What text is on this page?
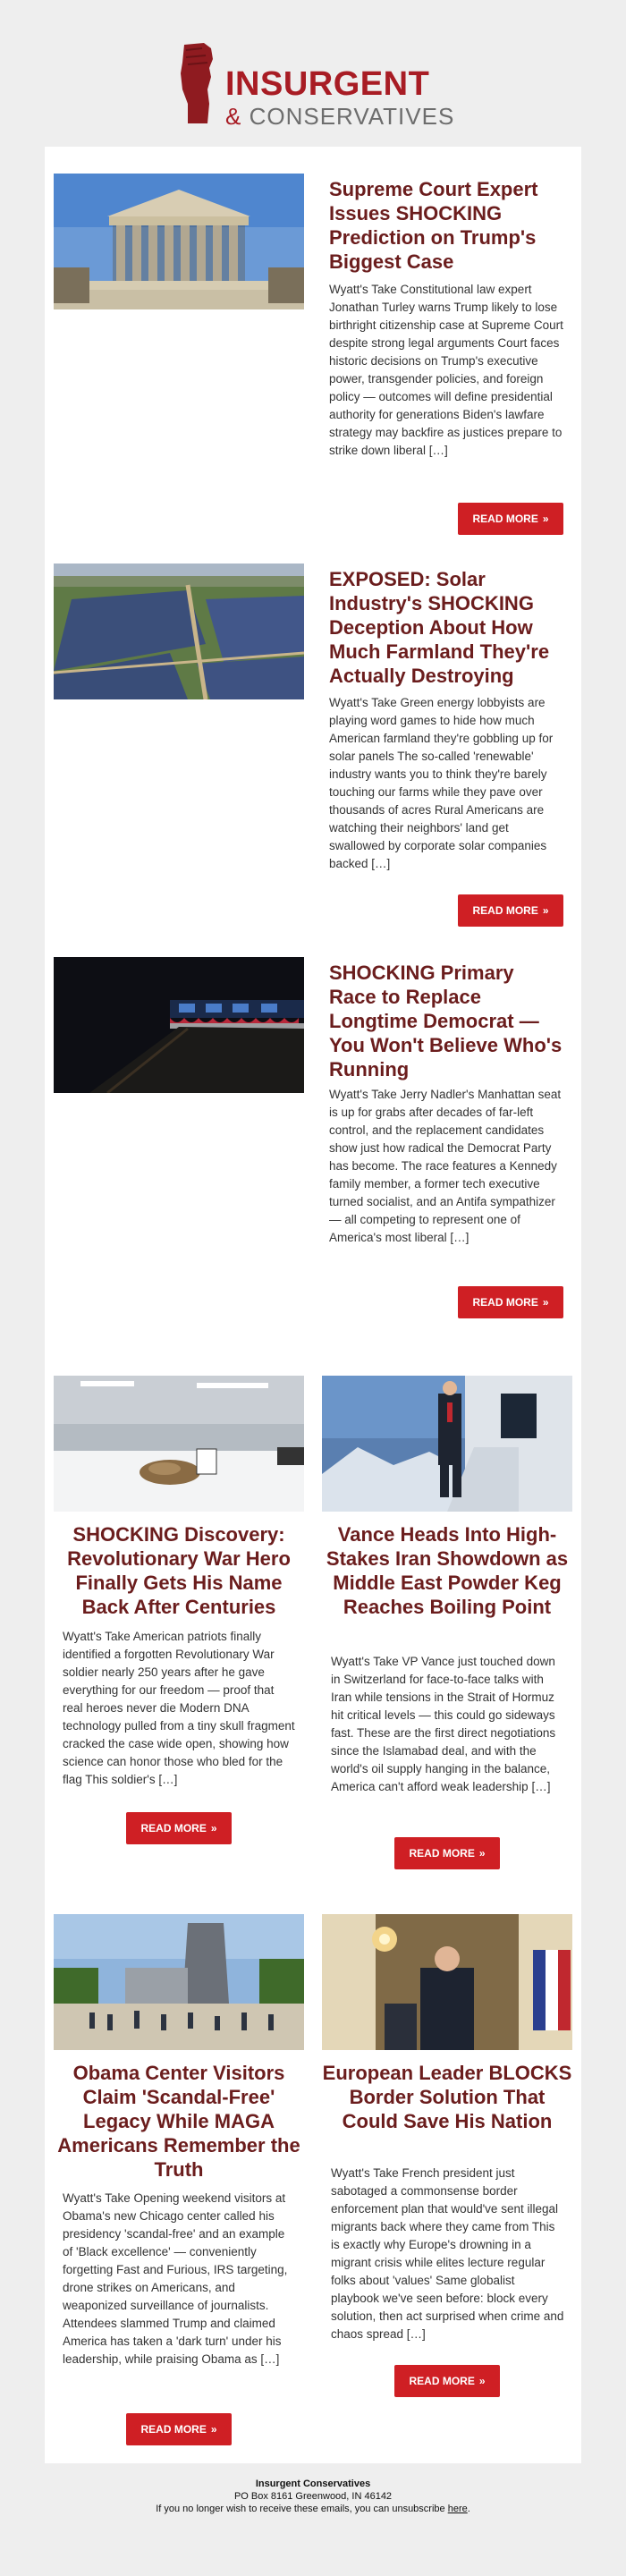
INSURGENT
& CONSERVATIVES
Supreme Court Expert Issues SHOCKING Prediction on Trump's Biggest Case

Wyatt's Take Constitutional law expert Jonathan Turley warns Trump likely to lose birthright citizenship case at Supreme Court despite strong legal arguments Court faces historic decisions on Trump's executive power, transgender policies, and foreign policy — outcomes will define presidential authority for generations Biden's lawfare strategy may backfire as justices prepare to strike down liberal […]

READ MORE »
EXPOSED: Solar Industry's SHOCKING Deception About How Much Farmland They're Actually Destroying

Wyatt's Take Green energy lobbyists are playing word games to hide how much American farmland they're gobbling up for solar panels The so-called 'renewable' industry wants you to think they're barely touching our farms while they pave over thousands of acres Rural Americans are watching their neighbors' land get swallowed by corporate solar companies backed […]

READ MORE »
SHOCKING Primary Race to Replace Longtime Democrat — You Won't Believe Who's Running

Wyatt's Take Jerry Nadler's Manhattan seat is up for grabs after decades of far-left control, and the replacement candidates show just how radical the Democrat Party has become. The race features a Kennedy family member, a former tech executive turned socialist, and an Antifa sympathizer — all competing to represent one of America's most liberal […]

READ MORE »
SHOCKING Discovery: Revolutionary War Hero Finally Gets His Name Back After Centuries

Wyatt's Take American patriots finally identified a forgotten Revolutionary War soldier nearly 250 years after he gave everything for our freedom — proof that real heroes never die Modern DNA technology pulled from a tiny skull fragment cracked the case wide open, showing how science can honor those who bled for the flag This soldier's […]

READ MORE »
Vance Heads Into High-Stakes Iran Showdown as Middle East Powder Keg Reaches Boiling Point

Wyatt's Take VP Vance just touched down in Switzerland for face-to-face talks with Iran while tensions in the Strait of Hormuz hit critical levels — this could go sideways fast. These are the first direct negotiations since the Islamabad deal, and with the world's oil supply hanging in the balance, America can't afford weak leadership […]

READ MORE »
Obama Center Visitors Claim 'Scandal-Free' Legacy While MAGA Americans Remember the Truth

Wyatt's Take Opening weekend visitors at Obama's new Chicago center called his presidency 'scandal-free' and an example of 'Black excellence' — conveniently forgetting Fast and Furious, IRS targeting, drone strikes on Americans, and weaponized surveillance of journalists. Attendees slammed Trump and claimed America has taken a 'dark turn' under his leadership, while praising Obama as […]

READ MORE »
European Leader BLOCKS Border Solution That Could Save His Nation

Wyatt's Take French president just sabotaged a commonsense border enforcement plan that would've sent illegal migrants back where they came from This is exactly why Europe's drowning in a migrant crisis while elites lecture regular folks about 'values' Same globalist playbook we've seen before: block every solution, then act surprised when crime and chaos spread […]

READ MORE »
Insurgent Conservatives
PO Box 8161 Greenwood, IN 46142
If you no longer wish to receive these emails, you can unsubscribe here.
